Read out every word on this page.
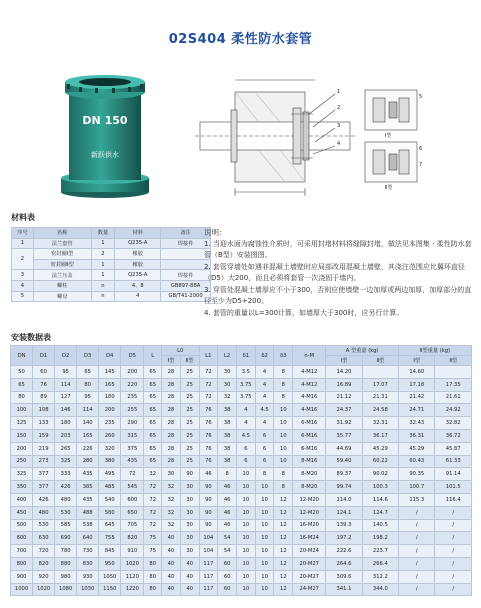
02S404 柔性防水套管
DN 150
新跃供水
1
2
3
4
5
6
7
Ⅰ型
Ⅱ型
材料表
序号	名称	数量	材料	备注
1	法兰套管	1	Q235-A	焊接件
2	密封圈Ⅰ型	2	橡胶	
	密封圈Ⅱ型	1	橡胶	
3	法兰压盖	1	Q235-A	焊接件
4	螺柱	n	4、8	GB897-88A
5	螺母	n	4	GB/T41-2000

说明：

1. 当迎水面为腐蚀性介质时，可采用封堵材料将缝隙封堵，做法见本图集 · 柔性防水套管（B型）安装图图。

2. 套管穿墙处如遇非混凝土墙壁时应局部改用混凝土墙壁，其浇注范围应比翼环直径（D5）大200，而且必须将套管一次浇固于墙内。

3. 穿管处混凝土墙厚应不小于300，否则应使墙壁一边加厚或两边加厚，加厚部分的直径至少为D5+200。

4. 套管的重量以L=300计算，如墙厚大于300时，应另行计算。

安装数据表
DN	D1	D2	D3	D4	D5	L	L0		L1	L2	δ1	δ2	δ3	n-M	A 型重量 (kg)		Ⅱ型重量 (kg)	
							Ⅰ型	Ⅱ型							Ⅰ型	Ⅱ型	Ⅰ型	Ⅱ型
50	60	95	65	145	200	65	28	25	72	30	3.5	4	8	4-M12	14.20		14.60	
65	76	114	80	165	220	65	28	25	72	30	3.75	4	8	4-M12	16.89	17.07	17.18	17.35
80	89	127	95	180	235	65	28	25	72	32	3.75	4	8	4-M16	21.12	21.31	21.42	21.61
100	108	146	114	200	255	65	28	25	76	38	4	4.5	10	4-M16	24.37	24.58	24.71	24.92
125	133	180	140	235	290	65	28	25	76	38	4	4	10	6-M16	31.92	32.31	32.43	32.82
150	159	203	165	260	315	65	28	25	76	38	4.5	6	10	6-M16	35.77	36.17	36.31	36.72
200	219	265	226	320	375	65	28	25	76	38	6	6	10	6-M16	44.69	45.29	45.29	45.87
250	273	325	280	380	435	65	28	25	76	38	6	6	10	8-M16	59.40	60.22	60.43	61.33
325	377	333	435	495	72	32	30	90	46	8	10	8	8	8-M20	89.37	90.02	90.35	91.14
350	377	426	385	485	545	72	32	30	90	46	10	10	8	8-M20	99.74	100.3	100.7	101.5
400	426	480	435	540	600	72	32	30	90	46	10	10	12	12-M20	114.0	114.6	115.3	116.4
450	480	530	488	580	650	72	32	30	90	46	10	10	12	12-M20	124.1	124.7	/	/
500	530	585	538	645	705	72	32	30	90	46	10	10	12	16-M20	139.3	140.5	/	/
600	630	690	640	755	820	75	40	30	104	54	10	10	12	16-M24	197.2	198.2	/	/
700	720	780	730	845	910	75	40	30	104	54	10	10	12	20-M24	222.6	223.7	/	/
800	820	880	830	950	1020	80	40	40	117	60	10	10	12	20-M27	264.6	266.4	/	/
900	920	980	930	1050	1120	80	40	40	117	60	10	10	12	20-M27	309.6	312.2	/	/
1000	1020	1080	1030	1150	1220	80	40	40	117	60	10	10	12	24-M27	341.1	344.0	/	/
